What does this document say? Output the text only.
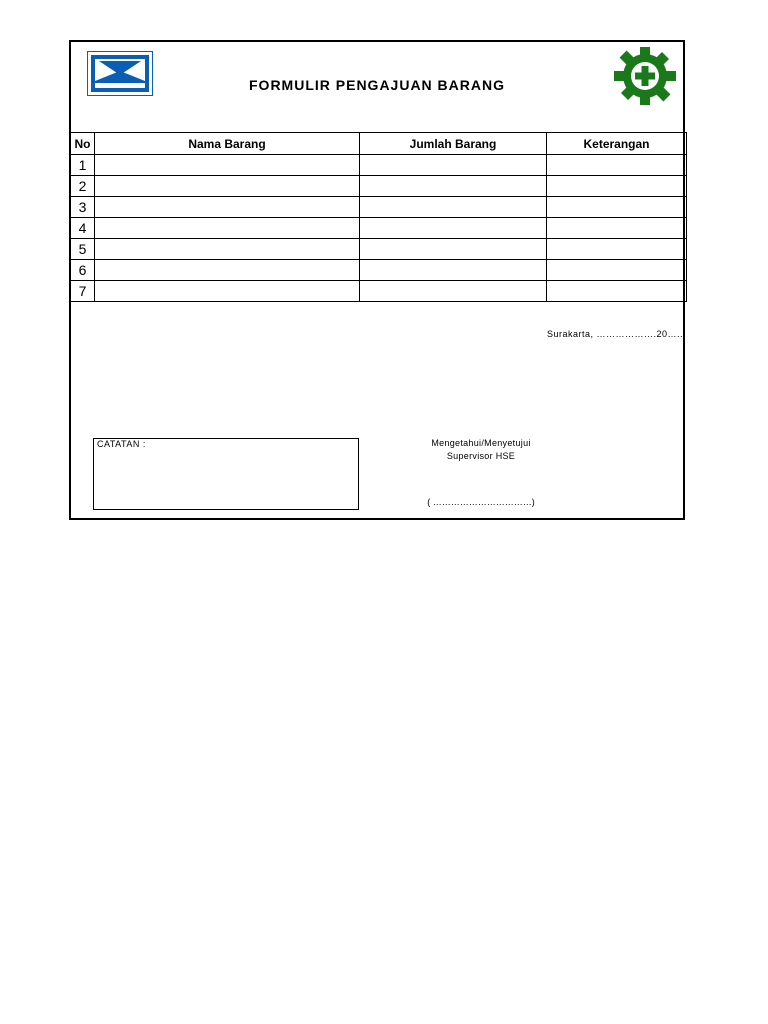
FORMULIR PENGAJUAN BARANG
No	Nama Barang	Jumlah Barang	Keterangan
1			
2			
3			
4			
5			
6			
7			
Surakarta, ……………….20…..
CATATAN :	Mengetahui/Menyetujui
Supervisor HSE
( ……………………………)
